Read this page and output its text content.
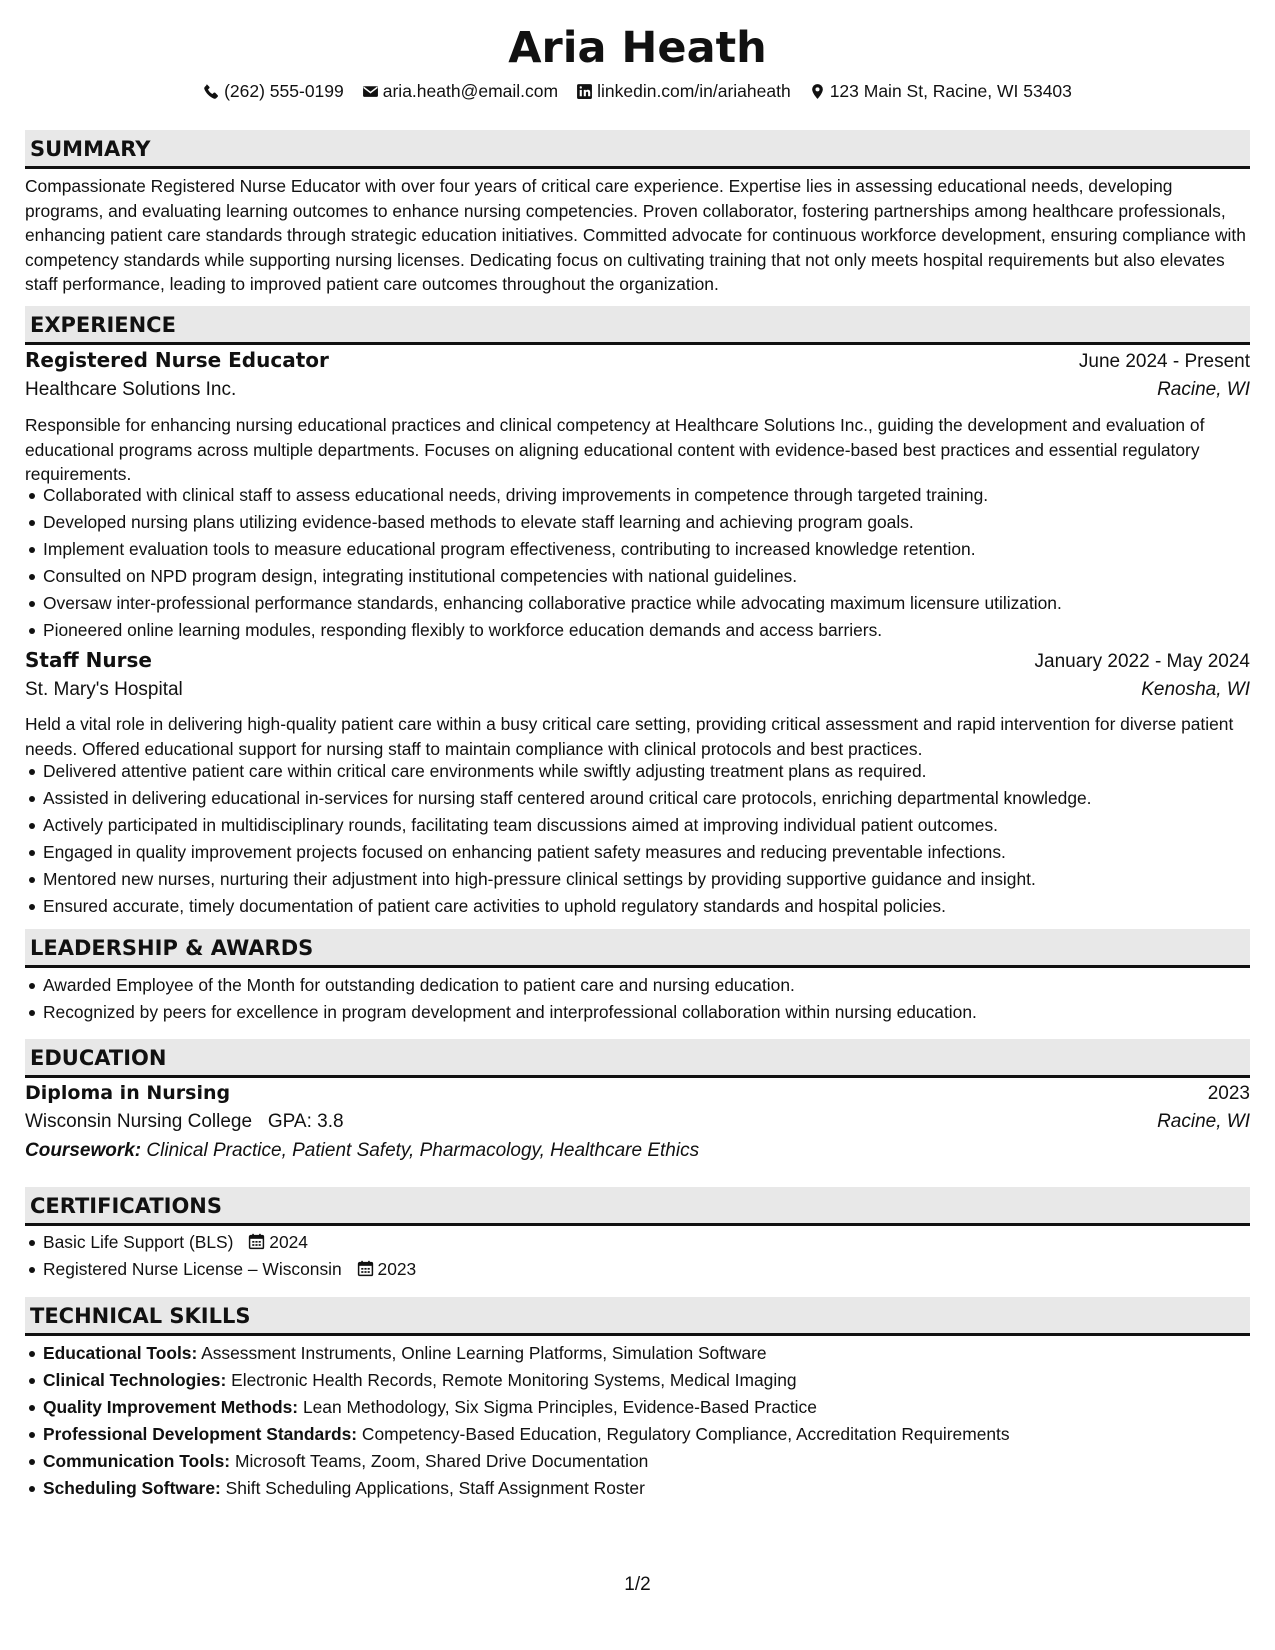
Aria Heath
(262) 555-0199 aria.heath@email.com linkedin.com/in/ariaheath 123 Main St, Racine, WI 53403
SUMMARY
Compassionate Registered Nurse Educator with over four years of critical care experience. Expertise lies in assessing educational needs, developing programs, and evaluating learning outcomes to enhance nursing competencies. Proven collaborator, fostering partnerships among healthcare professionals, enhancing patient care standards through strategic education initiatives. Committed advocate for continuous workforce development, ensuring compliance with competency standards while supporting nursing licenses. Dedicating focus on cultivating training that not only meets hospital requirements but also elevates staff performance, leading to improved patient care outcomes throughout the organization.
EXPERIENCE
Registered Nurse Educator	June 2024 - Present
Healthcare Solutions Inc.	Racine, WI
Responsible for enhancing nursing educational practices and clinical competency at Healthcare Solutions Inc., guiding the development and evaluation of educational programs across multiple departments. Focuses on aligning educational content with evidence-based best practices and essential regulatory requirements.
Collaborated with clinical staff to assess educational needs, driving improvements in competence through targeted training.
Developed nursing plans utilizing evidence-based methods to elevate staff learning and achieving program goals.
Implement evaluation tools to measure educational program effectiveness, contributing to increased knowledge retention.
Consulted on NPD program design, integrating institutional competencies with national guidelines.
Oversaw inter-professional performance standards, enhancing collaborative practice while advocating maximum licensure utilization.
Pioneered online learning modules, responding flexibly to workforce education demands and access barriers.
Staff Nurse	January 2022 - May 2024
St. Mary's Hospital	Kenosha, WI
Held a vital role in delivering high-quality patient care within a busy critical care setting, providing critical assessment and rapid intervention for diverse patient needs. Offered educational support for nursing staff to maintain compliance with clinical protocols and best practices.
Delivered attentive patient care within critical care environments while swiftly adjusting treatment plans as required.
Assisted in delivering educational in-services for nursing staff centered around critical care protocols, enriching departmental knowledge.
Actively participated in multidisciplinary rounds, facilitating team discussions aimed at improving individual patient outcomes.
Engaged in quality improvement projects focused on enhancing patient safety measures and reducing preventable infections.
Mentored new nurses, nurturing their adjustment into high-pressure clinical settings by providing supportive guidance and insight.
Ensured accurate, timely documentation of patient care activities to uphold regulatory standards and hospital policies.
LEADERSHIP & AWARDS
Awarded Employee of the Month for outstanding dedication to patient care and nursing education.
Recognized by peers for excellence in program development and interprofessional collaboration within nursing education.
EDUCATION
Diploma in Nursing	2023
Wisconsin Nursing College GPA: 3.8	Racine, WI
Coursework: Clinical Practice, Patient Safety, Pharmacology, Healthcare Ethics
CERTIFICATIONS
Basic Life Support (BLS) 2024
Registered Nurse License – Wisconsin 2023
TECHNICAL SKILLS
Educational Tools: Assessment Instruments, Online Learning Platforms, Simulation Software
Clinical Technologies: Electronic Health Records, Remote Monitoring Systems, Medical Imaging
Quality Improvement Methods: Lean Methodology, Six Sigma Principles, Evidence-Based Practice
Professional Development Standards: Competency-Based Education, Regulatory Compliance, Accreditation Requirements
Communication Tools: Microsoft Teams, Zoom, Shared Drive Documentation
Scheduling Software: Shift Scheduling Applications, Staff Assignment Roster
1/2
